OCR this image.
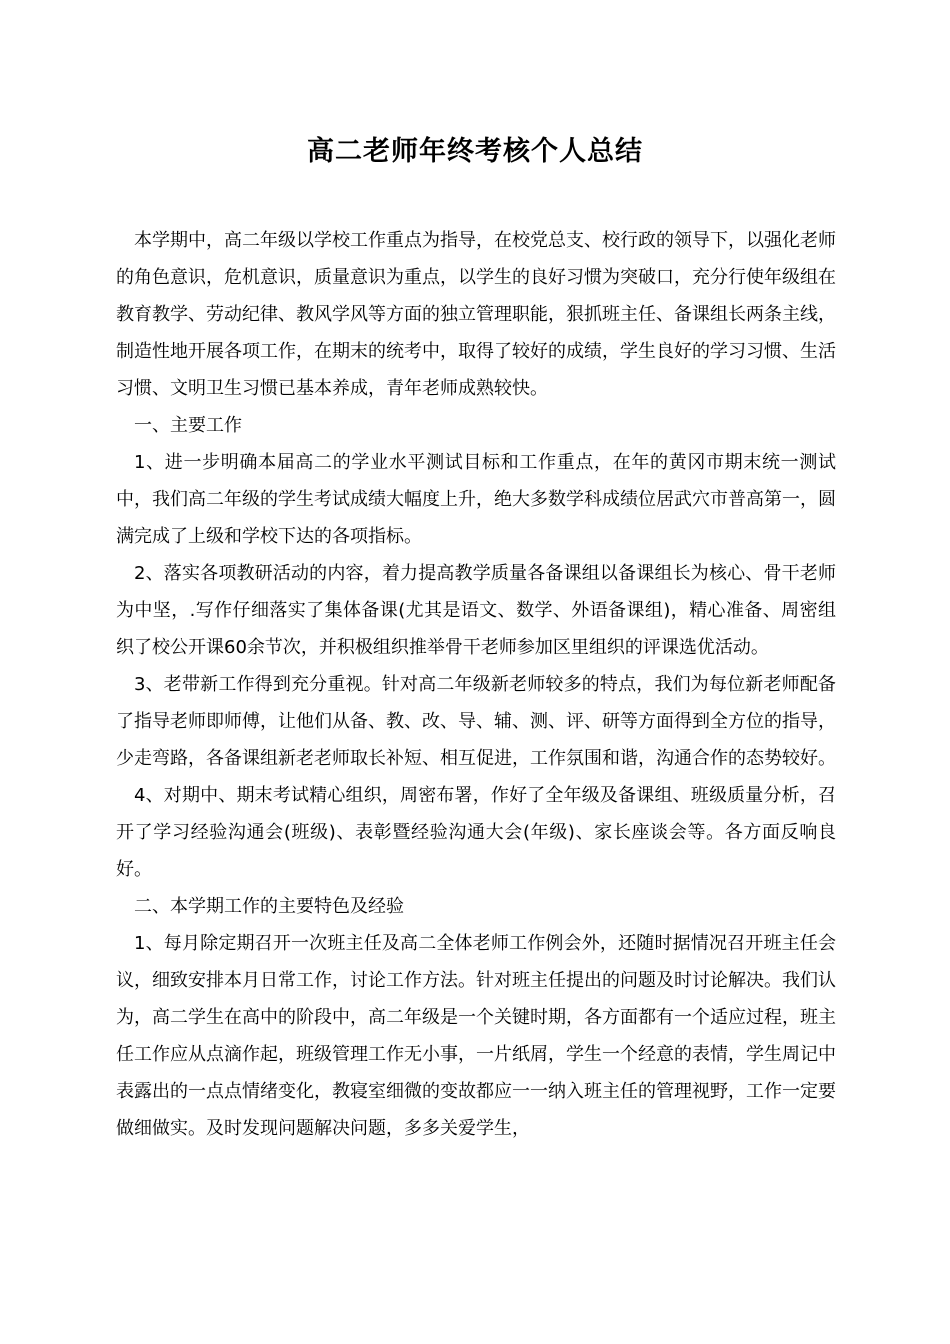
高二老师年终考核个人总结

本学期中，高二年级以学校工作重点为指导，在校党总支、校行政的领导下，以强化老师的角色意识，危机意识，质量意识为重点，以学生的良好习惯为突破口，充分行使年级组在教育教学、劳动纪律、教风学风等方面的独立管理职能，狠抓班主任、备课组长两条主线，制造性地开展各项工作，在期末的统考中，取得了较好的成绩，学生良好的学习习惯、生活习惯、文明卫生习惯已基本养成，青年老师成熟较快。

一、主要工作

1、进一步明确本届高二的学业水平测试目标和工作重点，在年的黄冈市期末统一测试中，我们高二年级的学生考试成绩大幅度上升，绝大多数学科成绩位居武穴市普高第一，圆满完成了上级和学校下达的各项指标。

2、落实各项教研活动的内容，着力提高教学质量各备课组以备课组长为核心、骨干老师为中坚，.写作仔细落实了集体备课(尤其是语文、数学、外语备课组)，精心准备、周密组织了校公开课60余节次，并积极组织推举骨干老师参加区里组织的评课选优活动。

3、老带新工作得到充分重视。针对高二年级新老师较多的特点，我们为每位新老师配备了指导老师即师傅，让他们从备、教、改、导、辅、测、评、研等方面得到全方位的指导，少走弯路，各备课组新老老师取长补短、相互促进，工作氛围和谐，沟通合作的态势较好。

4、对期中、期末考试精心组织，周密布署，作好了全年级及备课组、班级质量分析，召开了学习经验沟通会(班级)、表彰暨经验沟通大会(年级)、家长座谈会等。各方面反响良好。

二、本学期工作的主要特色及经验

1、每月除定期召开一次班主任及高二全体老师工作例会外，还随时据情况召开班主任会议，细致安排本月日常工作，讨论工作方法。针对班主任提出的问题及时讨论解决。我们认为，高二学生在高中的阶段中，高二年级是一个关键时期，各方面都有一个适应过程，班主任工作应从点滴作起，班级管理工作无小事，一片纸屑，学生一个经意的表情，学生周记中表露出的一点点情绪变化，教寝室细微的变故都应一一纳入班主任的管理视野，工作一定要做细做实。及时发现问题解决问题，多多关爱学生，
